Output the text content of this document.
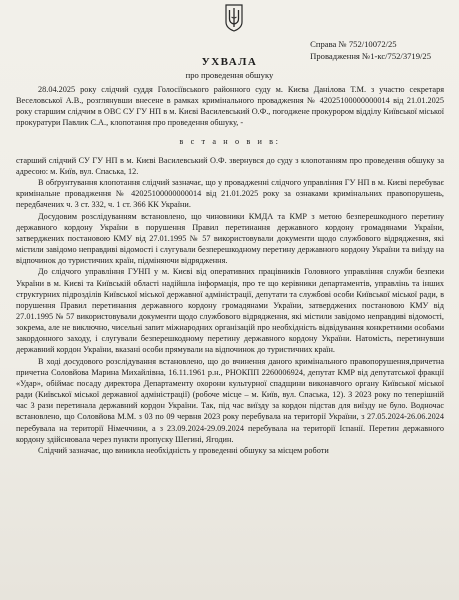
Справа № 752/10072/25
Провадження №1-кс/752/3719/25
УХВАЛА
про проведення обшуку

28.04.2025 року слідчий суддя Голосіївського районного суду м. Києва Данілова Т.М. з участю секретаря Веселовської А.В., розглянувши внесене в рамках кримінального провадження № 42025100000000014 від 21.01.2025 року старшим слідчим в ОВС СУ ГУ НП в м. Києві Василевський О.Ф., погоджене прокурором відділу Київської міської прокуратури Павлик С.А., клопотання про проведення обшуку, -

в с т а н о в и в:

старший слідчий СУ ГУ НП в м. Києві Василевський О.Ф. звернувся до суду з клопотанням про проведення обшуку за адресою: м. Київ, вул. Спаська, 12.

В обґрунтування клопотання слідчий зазначає, що у провадженні слідчого управління ГУ НП в м. Києві перебуває кримінальне провадження № 42025100000000014 від 21.01.2025 року за ознаками кримінальних правопорушень, передбачених ч. 3 ст. 332, ч. 1 ст. 366 КК України.

Досудовим розслідуванням встановлено, що чиновники КМДА та КМР з метою безперешкодного перетину державного кордону України в порушення Правил перетинання державного кордону громадянами України, затверджених постановою КМУ від 27.01.1995 № 57 використовували документи щодо службового відрядження, які містили завідомо неправдиві відомості і слугували безперешкодному перетину державного кордону України та виїзду на відпочинок до туристичних країн, підміняючи відрядження.

До слідчого управління ГУНП у м. Києві від оперативних працівників Головного управління служби безпеки України в м. Києві та Київській області надійшла інформація, про те що керівники департаментів, управлінь та інших структурних підрозділів Київської міської державної адміністрації, депутати та службові особи Київської міської ради, в порушення Правил перетинання державного кордону громадянами України, затверджених постановою КМУ від 27.01.1995 № 57 використовували документи щодо службового відрядження, які містили завідомо неправдиві відомості, зокрема, але не виключно, чисельні запит міжнародних організацій про необхідність відвідування конкретними особами закордонного заходу, і слугували безперешкодному перетину державного кордону України. Натомість, перетинувши державний кордон України, вказані особи прямували на відпочинок до туристичних країн.

В ході досудового розслідування встановлено, що до вчинення даного кримінального правопорушення,причетна причетна Соловйова Марина Михайлівна, 16.11.1961 р.н., РНОКПП 2260006924, депутат КМР від депутатської фракції «Удар», обіймає посаду директора Департаменту охорони культурної спадщини виконавчого органу Київської міської ради (Київської міської державної адміністрації) (робоче місце – м. Київ, вул. Спаська, 12). З 2023 року по теперішній час 3 рази перетинала державний кордон України. Так, під час виїзду за кордон підстав для виїзду не було. Водночас встановлено, що Соловйова М.М. з 03 по 09 червня 2023 року перебувала на території України, з 27.05.2024-26.06.2024 перебувала на території Німеччини, а з 23.09.2024-29.09.2024 перебувала на території Іспанії. Перетин державного кордону здійснювала через пункти пропуску Шегині, Ягодин.

Слідчий зазначає, що виникла необхідність у проведенні обшуку за місцем роботи
